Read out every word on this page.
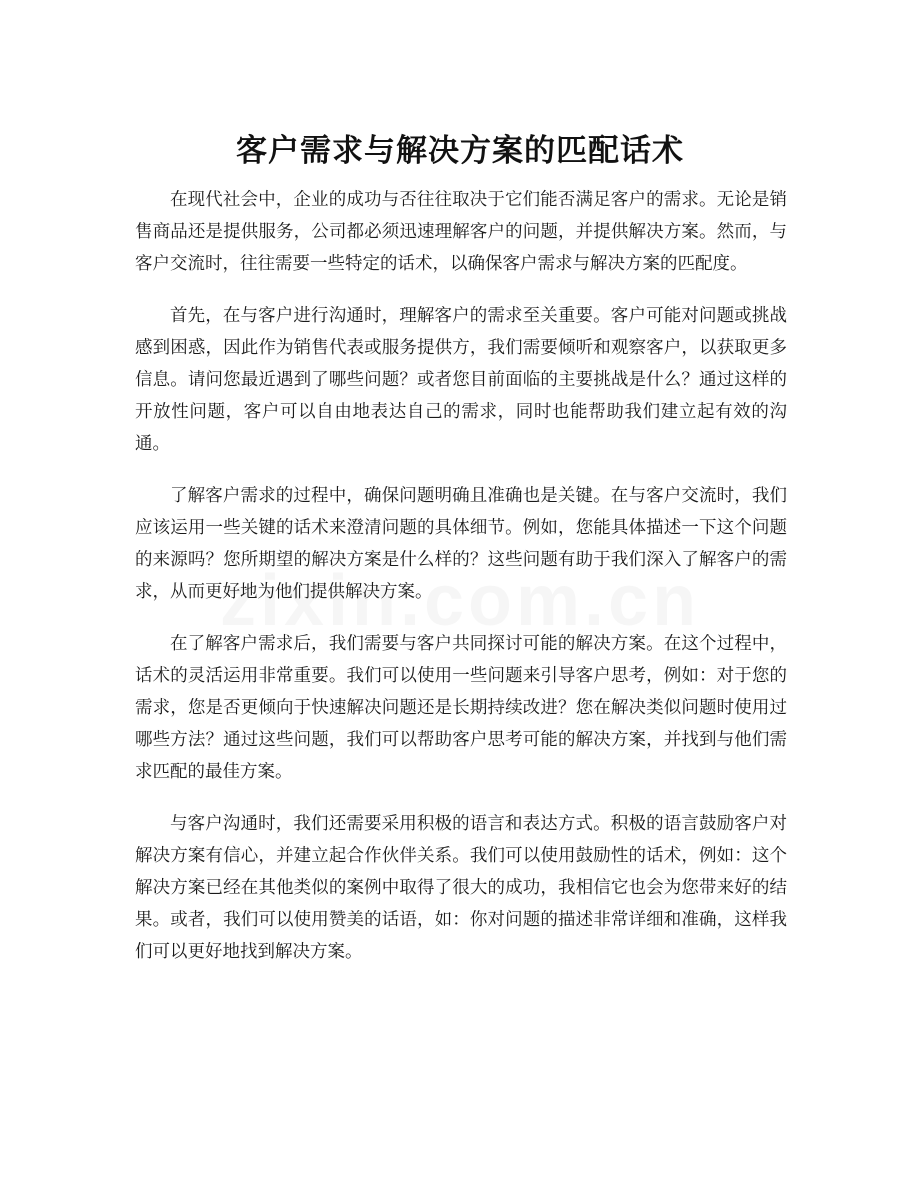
客户需求与解决方案的匹配话术

在现代社会中，企业的成功与否往往取决于它们能否满足客户的需求。无论是销售商品还是提供服务，公司都必须迅速理解客户的问题，并提供解决方案。然而，与客户交流时，往往需要一些特定的话术，以确保客户需求与解决方案的匹配度。

首先，在与客户进行沟通时，理解客户的需求至关重要。客户可能对问题或挑战感到困惑，因此作为销售代表或服务提供方，我们需要倾听和观察客户，以获取更多信息。请问您最近遇到了哪些问题？或者您目前面临的主要挑战是什么？通过这样的开放性问题，客户可以自由地表达自己的需求，同时也能帮助我们建立起有效的沟通。

了解客户需求的过程中，确保问题明确且准确也是关键。在与客户交流时，我们应该运用一些关键的话术来澄清问题的具体细节。例如，您能具体描述一下这个问题的来源吗？您所期望的解决方案是什么样的？这些问题有助于我们深入了解客户的需求，从而更好地为他们提供解决方案。

在了解客户需求后，我们需要与客户共同探讨可能的解决方案。在这个过程中，话术的灵活运用非常重要。我们可以使用一些问题来引导客户思考，例如：对于您的需求，您是否更倾向于快速解决问题还是长期持续改进？您在解决类似问题时使用过哪些方法？通过这些问题，我们可以帮助客户思考可能的解决方案，并找到与他们需求匹配的最佳方案。

与客户沟通时，我们还需要采用积极的语言和表达方式。积极的语言鼓励客户对解决方案有信心，并建立起合作伙伴关系。我们可以使用鼓励性的话术，例如：这个解决方案已经在其他类似的案例中取得了很大的成功，我相信它也会为您带来好的结果。或者，我们可以使用赞美的话语，如：你对问题的描述非常详细和准确，这样我们可以更好地找到解决方案。
